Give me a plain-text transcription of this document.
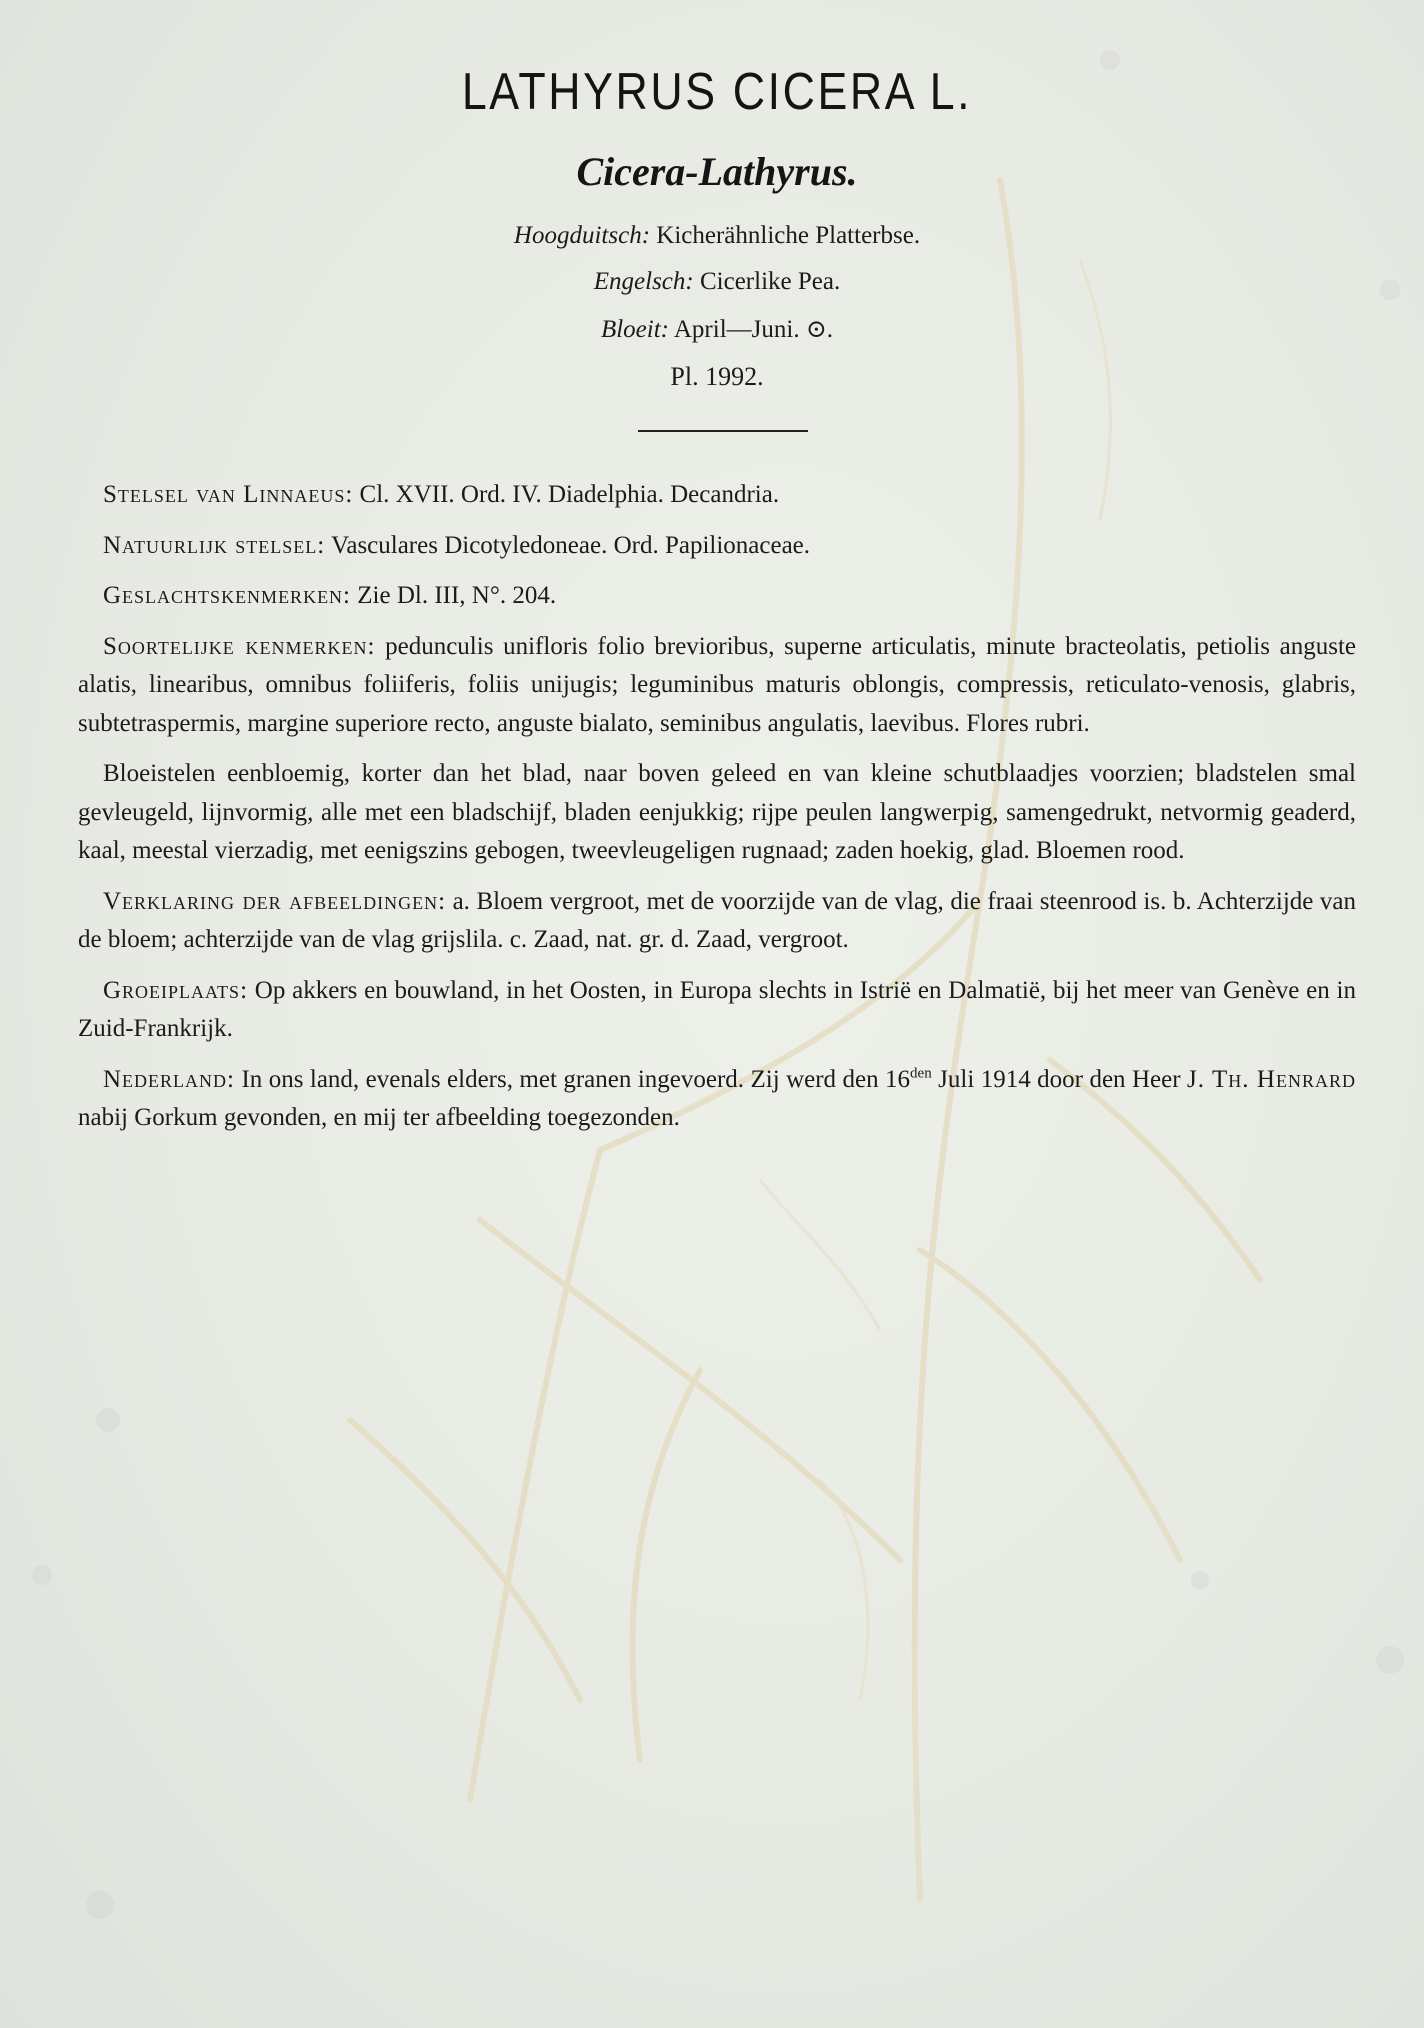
LATHYRUS CICERA L.
Cicera-Lathyrus.
Hoogduitsch: Kicherähnliche Platterbse.
Engelsch: Cicerlike Pea.
Bloeit: April—Juni. ⊙.
Pl. 1992.

Stelsel van Linnaeus: Cl. XVII. Ord. IV. Diadelphia. Decandria.

Natuurlijk stelsel: Vasculares Dicotyledoneae. Ord. Papilionaceae.

Geslachtskenmerken: Zie Dl. III, N°. 204.

Soortelijke kenmerken: pedunculis unifloris folio brevioribus, superne articulatis, minute bracteolatis, petiolis anguste alatis, linearibus, omnibus foliiferis, foliis unijugis; leguminibus maturis oblongis, compressis, reticulato-venosis, glabris, subtetraspermis, margine superiore recto, anguste bialato, seminibus angulatis, laevibus. Flores rubri.

Bloeistelen eenbloemig, korter dan het blad, naar boven geleed en van kleine schutblaadjes voorzien; bladstelen smal gevleugeld, lijnvormig, alle met een bladschijf, bladen eenjukkig; rijpe peulen langwerpig, samengedrukt, netvormig geaderd, kaal, meestal vierzadig, met eenigszins gebogen, tweevleugeligen rugnaad; zaden hoekig, glad. Bloemen rood.

Verklaring der afbeeldingen: a. Bloem vergroot, met de voorzijde van de vlag, die fraai steenrood is. b. Achterzijde van de bloem; achterzijde van de vlag grijslila. c. Zaad, nat. gr. d. Zaad, vergroot.

Groeiplaats: Op akkers en bouwland, in het Oosten, in Europa slechts in Istrië en Dalmatië, bij het meer van Genève en in Zuid-Frankrijk.

Nederland: In ons land, evenals elders, met granen ingevoerd. Zij werd den $16^{den}$ Juli 1914 door den Heer J. Th. Henrard nabij Gorkum gevonden, en mij ter afbeelding toegezonden.
